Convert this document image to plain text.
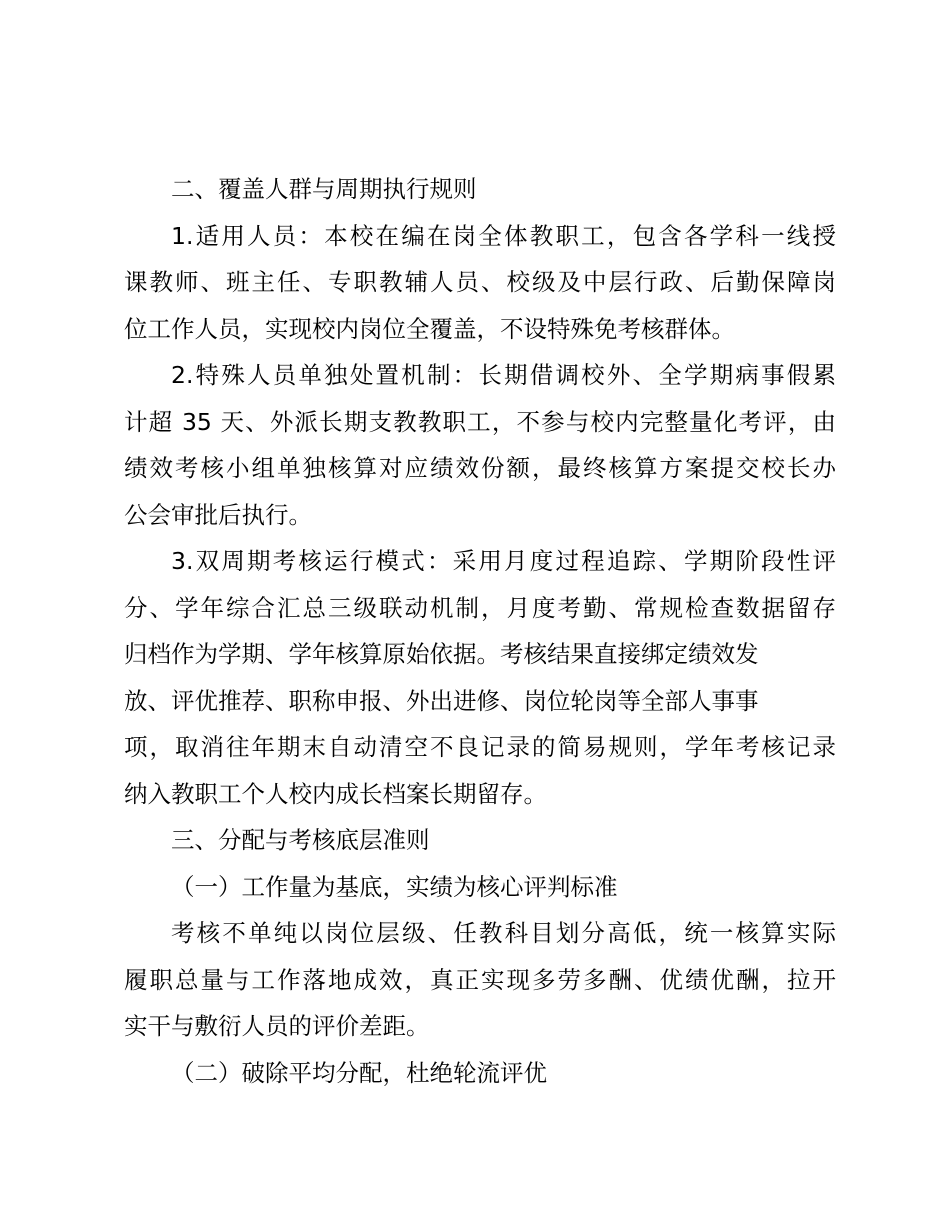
二、覆盖人群与周期执行规则
1.适用人员：本校在编在岗全体教职工，包含各学科一线授
课教师、班主任、专职教辅人员、校级及中层行政、后勤保障岗
位工作人员，实现校内岗位全覆盖，不设特殊免考核群体。
2.特殊人员单独处置机制：长期借调校外、全学期病事假累
计超 35 天、外派长期支教教职工，不参与校内完整量化考评，由
绩效考核小组单独核算对应绩效份额，最终核算方案提交校长办
公会审批后执行。
3.双周期考核运行模式：采用月度过程追踪、学期阶段性评
分、学年综合汇总三级联动机制，月度考勤、常规检查数据留存
归档作为学期、学年核算原始依据。考核结果直接绑定绩效发
放、评优推荐、职称申报、外出进修、岗位轮岗等全部人事事
项，取消往年期末自动清空不良记录的简易规则，学年考核记录
纳入教职工个人校内成长档案长期留存。
三、分配与考核底层准则
（一）工作量为基底，实绩为核心评判标准
考核不单纯以岗位层级、任教科目划分高低，统一核算实际
履职总量与工作落地成效，真正实现多劳多酬、优绩优酬，拉开
实干与敷衍人员的评价差距。
（二）破除平均分配，杜绝轮流评优
